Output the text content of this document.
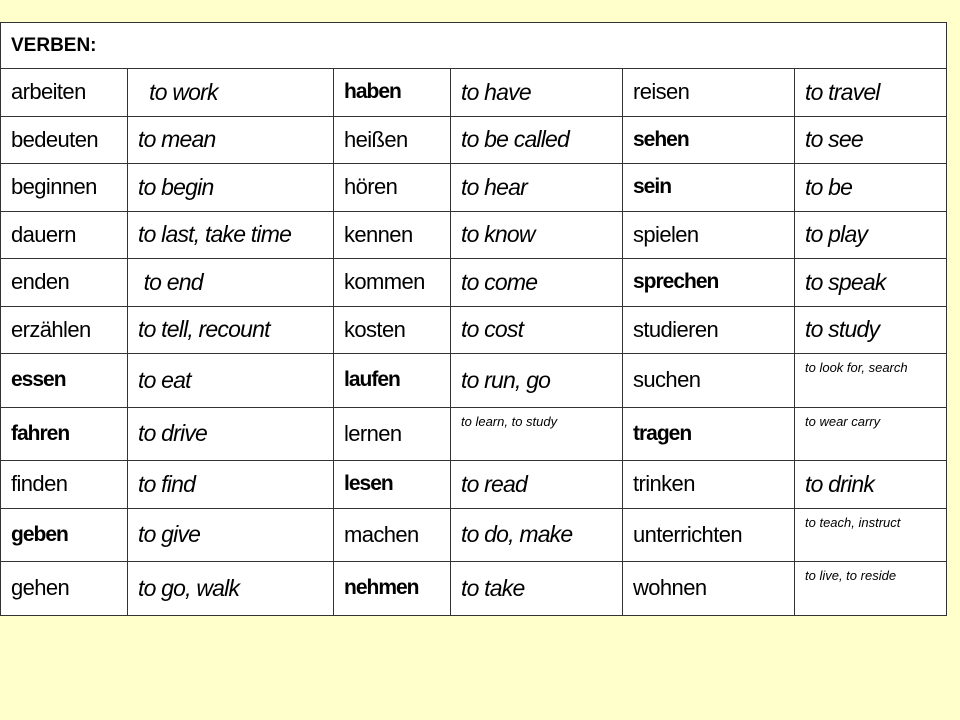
VERBEN:					
arbeiten	to work	haben	to have	reisen	to travel
bedeuten	to mean	heißen	to be called	sehen	to see
beginnen	to begin	hören	to hear	sein	to be
dauern	to last, take time	kennen	to know	spielen	to play
enden	to end	kommen	to come	sprechen	to speak
erzählen	to tell, recount	kosten	to cost	studieren	to study
essen	to eat	laufen	to run, go	suchen	to look for, search
fahren	to drive	lernen	to learn, to study	tragen	to wear carry
finden	to find	lesen	to read	trinken	to drink
geben	to give	machen	to do, make	unterrichten	to teach, instruct
gehen	to go, walk	nehmen	to take	wohnen	to live, to reside
